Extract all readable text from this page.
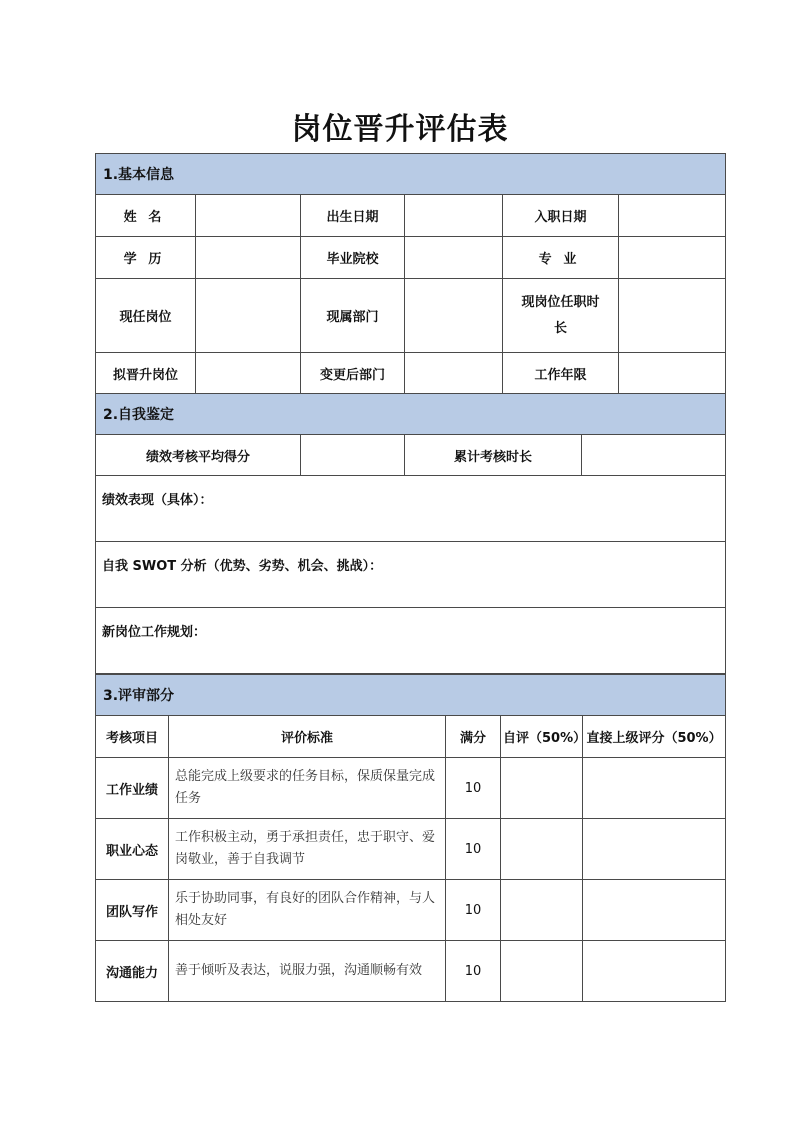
岗位晋升评估表
1.基本信息
姓名		出生日期		入职日期	
学历		毕业院校		专业	
现任岗位		现属部门		现岗位任职时长	
拟晋升岗位		变更后部门		工作年限	
2.自我鉴定
绩效考核平均得分		累计考核时长	
绩效表现（具体）：
自我 SWOT 分析（优势、劣势、机会、挑战）：
新岗位工作规划：
3.评审部分				
考核项目	评价标准	满分	自评（50%）	直接上级评分（50%）
工作业绩	总能完成上级要求的任务目标，保质保量完成任务	10		
职业心态	工作积极主动，勇于承担责任，忠于职守、爱岗敬业，善于自我调节	10		
团队写作	乐于协助同事，有良好的团队合作精神，与人相处友好	10		
沟通能力	善于倾听及表达，说服力强，沟通顺畅有效	10		
